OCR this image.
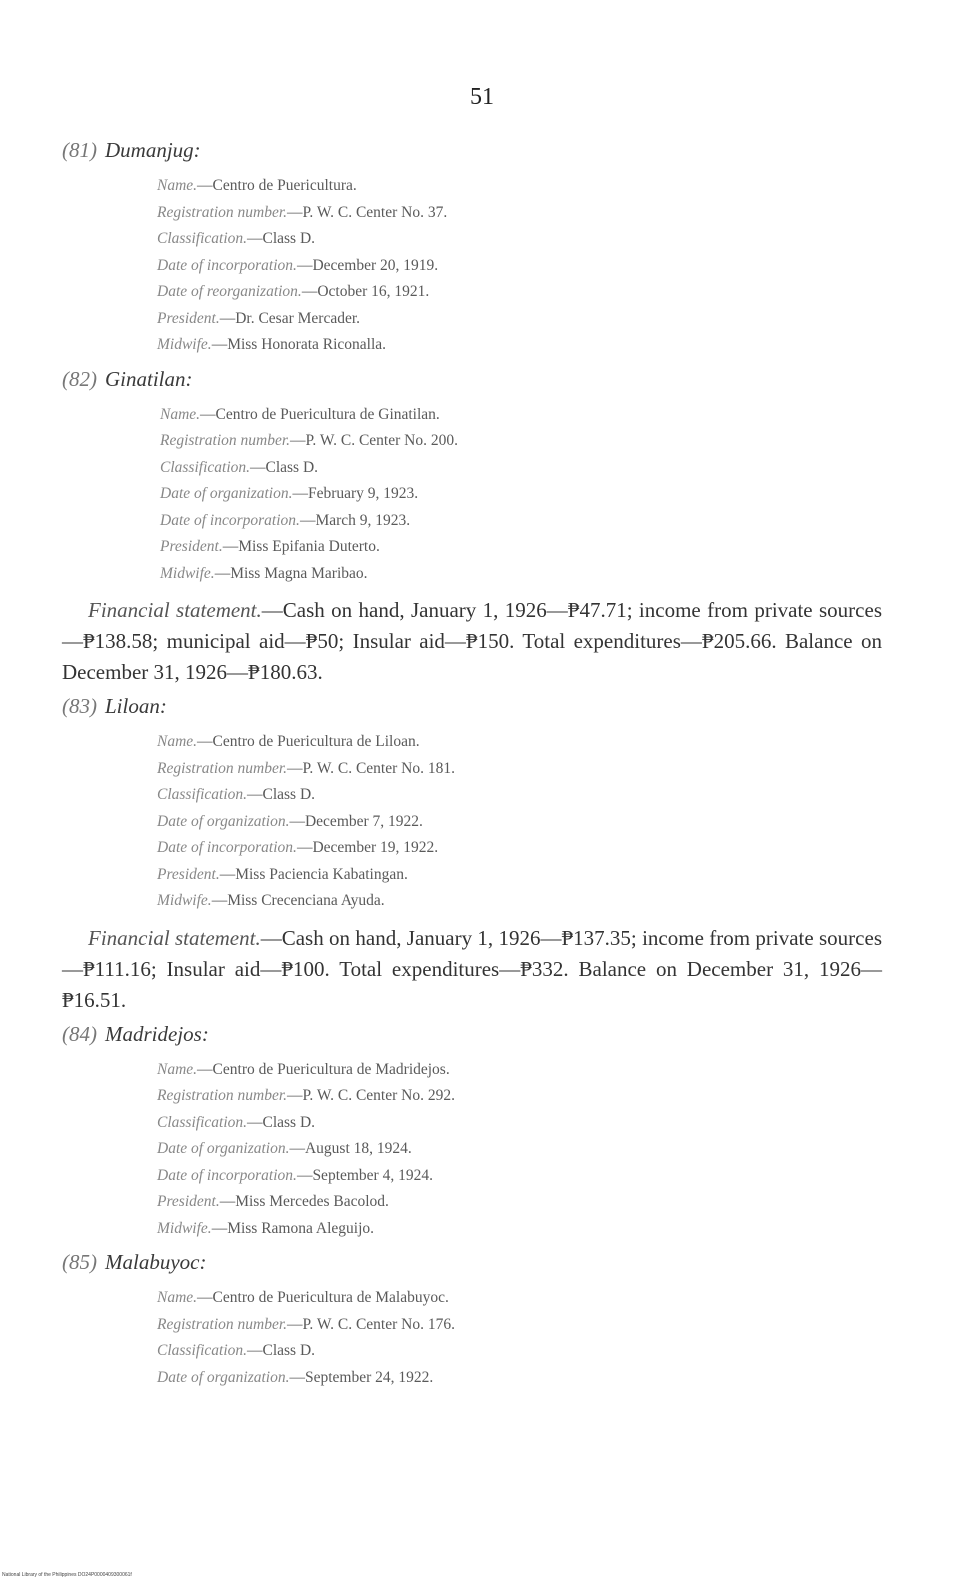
51
(81) Dumanjug:
Name.—Centro de Puericultura.
Registration number.—P. W. C. Center No. 37.
Classification.—Class D.
Date of incorporation.—December 20, 1919.
Date of reorganization.—October 16, 1921.
President.—Dr. Cesar Mercader.
Midwife.—Miss Honorata Riconalla.
(82) Ginatilan:
Name.—Centro de Puericultura de Ginatilan.
Registration number.—P. W. C. Center No. 200.
Classification.—Class D.
Date of organization.—February 9, 1923.
Date of incorporation.—March 9, 1923.
President.—Miss Epifania Duterto.
Midwife.—Miss Magna Maribao.

Financial statement.—Cash on hand, January 1, 1926—₱47.71; income from private sources—₱138.58; municipal aid—₱50; Insular aid—₱150. Total expenditures—₱205.66. Balance on December 31, 1926—₱180.63.

(83) Liloan:
Name.—Centro de Puericultura de Liloan.
Registration number.—P. W. C. Center No. 181.
Classification.—Class D.
Date of organization.—December 7, 1922.
Date of incorporation.—December 19, 1922.
President.—Miss Paciencia Kabatingan.
Midwife.—Miss Crecenciana Ayuda.

Financial statement.—Cash on hand, January 1, 1926—₱137.35; income from private sources—₱111.16; Insular aid—₱100. Total expenditures—₱332. Balance on December 31, 1926—₱16.51.

(84) Madridejos:
Name.—Centro de Puericultura de Madridejos.
Registration number.—P. W. C. Center No. 292.
Classification.—Class D.
Date of organization.—August 18, 1924.
Date of incorporation.—September 4, 1924.
President.—Miss Mercedes Bacolod.
Midwife.—Miss Ramona Aleguijo.
(85) Malabuyoc:
Name.—Centro de Puericultura de Malabuyoc.
Registration number.—P. W. C. Center No. 176.
Classification.—Class D.
Date of organization.—September 24, 1922.
National Library of the Philippines DO24P0000409300061f
